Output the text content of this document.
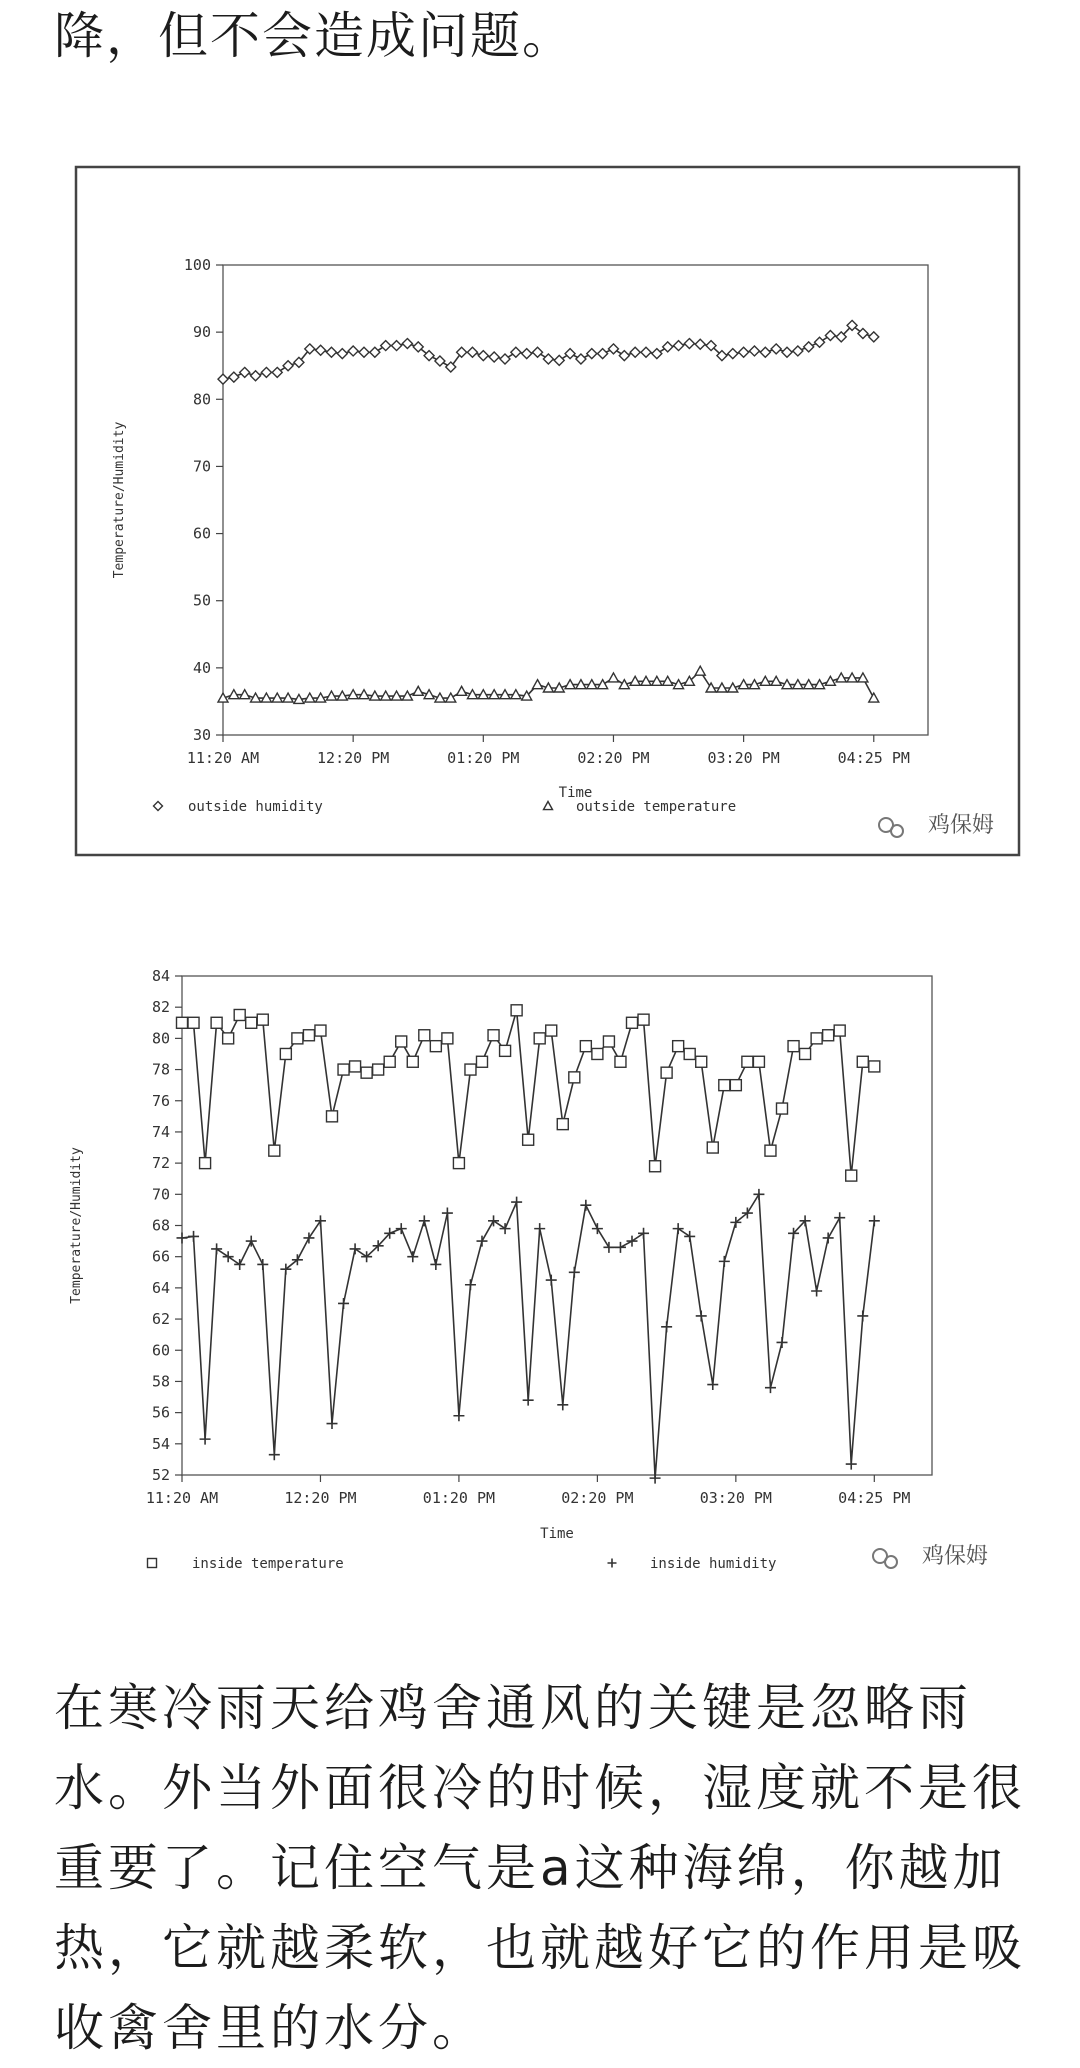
降，但不会造成问题。

30
40
50
60
70
80
90
100
11:20 AM	12:20 PM	01:20 PM	02:20 PM	03:20 PM	04:25 PM
Time
Temperature/Humidity
outside humidity	outside temperature
鸡保姆
52
54
56
58
60
62
64
66
68
70
72
74
76
78
80
82
84
11:20 AM	12:20 PM	01:20 PM	02:20 PM	03:20 PM	04:25 PM
Time
Temperature/Humidity
inside temperature	inside humidity	鸡保姆

在寒冷雨天给鸡舍通风的关键是忽略雨水。外当外面很冷的时候，湿度就不是很重要了。记住空气是a这种海绵，你越加热，它就越柔软，也就越好它的作用是吸收禽舍里的水分。
